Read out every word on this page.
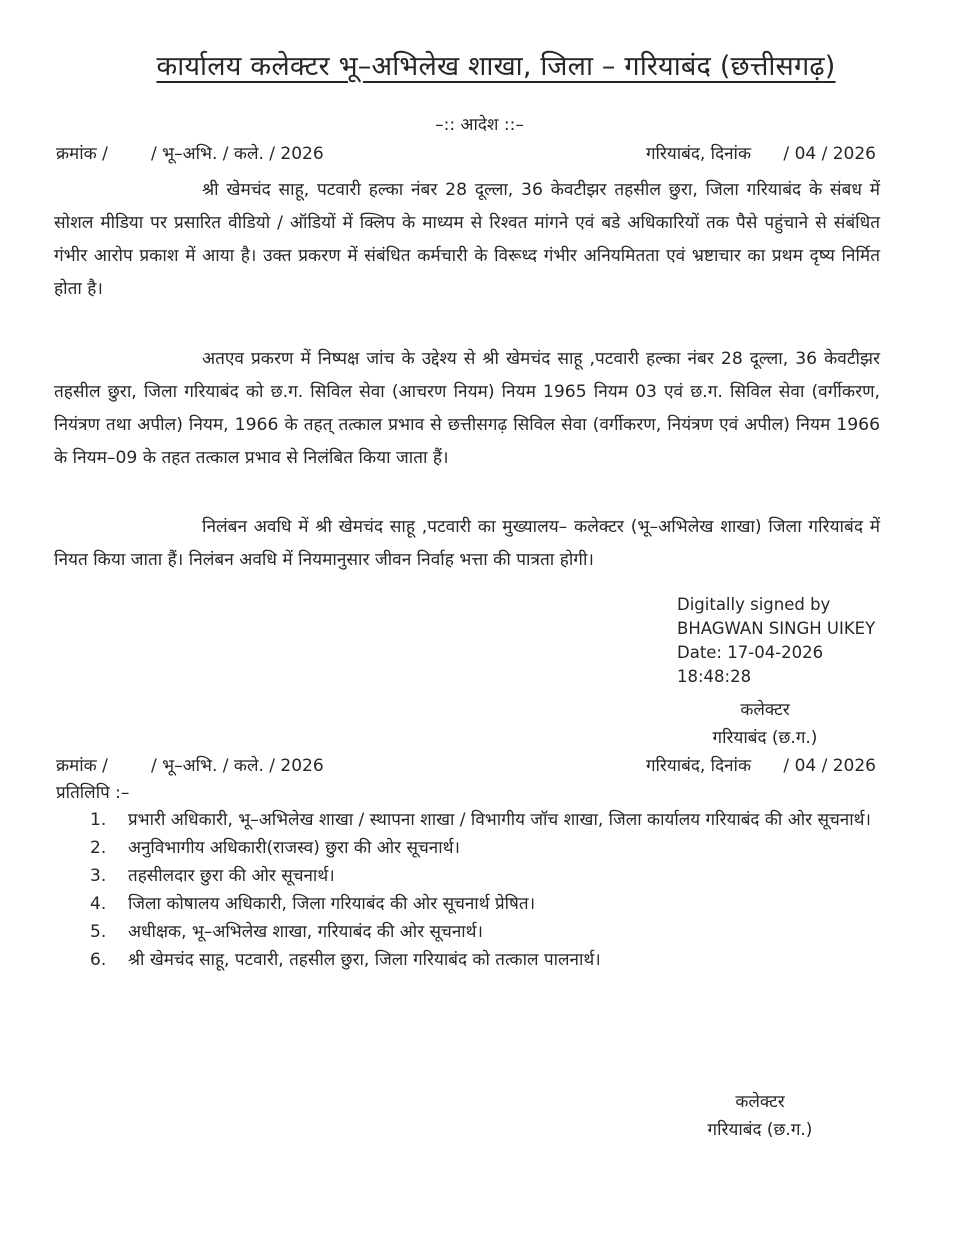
कार्यालय कलेक्टर भू–अभिलेख शाखा, जिला – गरियाबंद (छत्तीसगढ़)
–:: आदेश ::–
क्रमांक /        / भू–अभि. / कले. / 2026	गरियाबंद, दिनांक      / 04 / 2026

श्री खेमचंद साहू, पटवारी हल्का नंबर 28 दूल्ला, 36 केवटीझर तहसील छुरा, जिला गरियाबंद के संबध में सोशल मीडिया पर प्रसारित वीडियो / ऑडियों में क्लिप के माध्यम से रिश्वत मांगने एवं बडे अधिकारियों तक पैसे पहुंचाने से संबंधित गंभीर आरोप प्रकाश में आया है। उक्त प्रकरण में संबंधित कर्मचारी के विरूध्द गंभीर अनियमितता एवं भ्रष्टाचार का प्रथम दृष्य निर्मित होता है।

अतएव प्रकरण में निष्पक्ष जांच के उद्देश्य से श्री खेमचंद साहू ,पटवारी हल्का नंबर 28 दूल्ला, 36 केवटीझर तहसील छुरा, जिला गरियाबंद को छ.ग. सिविल सेवा (आचरण नियम) नियम 1965 नियम 03 एवं छ.ग. सिविल सेवा (वर्गीकरण, नियंत्रण तथा अपील) नियम, 1966 के तहत् तत्काल प्रभाव से छत्तीसगढ़ सिविल सेवा (वर्गीकरण, नियंत्रण एवं अपील) नियम 1966 के नियम–09 के तहत तत्काल प्रभाव से निलंबित किया जाता हैं।

निलंबन अवधि में श्री खेमचंद साहू ,पटवारी का मुख्यालय– कलेक्टर (भू–अभिलेख शाखा) जिला गरियाबंद में नियत किया जाता हैं। निलंबन अवधि में नियमानुसार जीवन निर्वाह भत्ता की पात्रता होगी।

Digitally signed by
BHAGWAN SINGH UIKEY
Date: 17-04-2026
18:48:28
कलेक्टर
गरियाबंद (छ.ग.)
क्रमांक /        / भू–अभि. / कले. / 2026	गरियाबंद, दिनांक      / 04 / 2026
प्रतिलिपि :–
1.	प्रभारी अधिकारी, भू–अभिलेख शाखा / स्थापना शाखा / विभागीय जॉच शाखा, जिला कार्यालय गरियाबंद की ओर सूचनार्थ।
2.	अनुविभागीय अधिकारी(राजस्व) छुरा की ओर सूचनार्थ।
3.	तहसीलदार छुरा की ओर सूचनार्थ।
4.	जिला कोषालय अधिकारी, जिला गरियाबंद की ओर सूचनार्थ प्रेषित।
5.	अधीक्षक, भू–अभिलेख शाखा, गरियाबंद की ओर सूचनार्थ।
6.	श्री खेमचंद साहू, पटवारी, तहसील छुरा, जिला गरियाबंद को तत्काल पालनार्थ।
कलेक्टर
गरियाबंद (छ.ग.)
